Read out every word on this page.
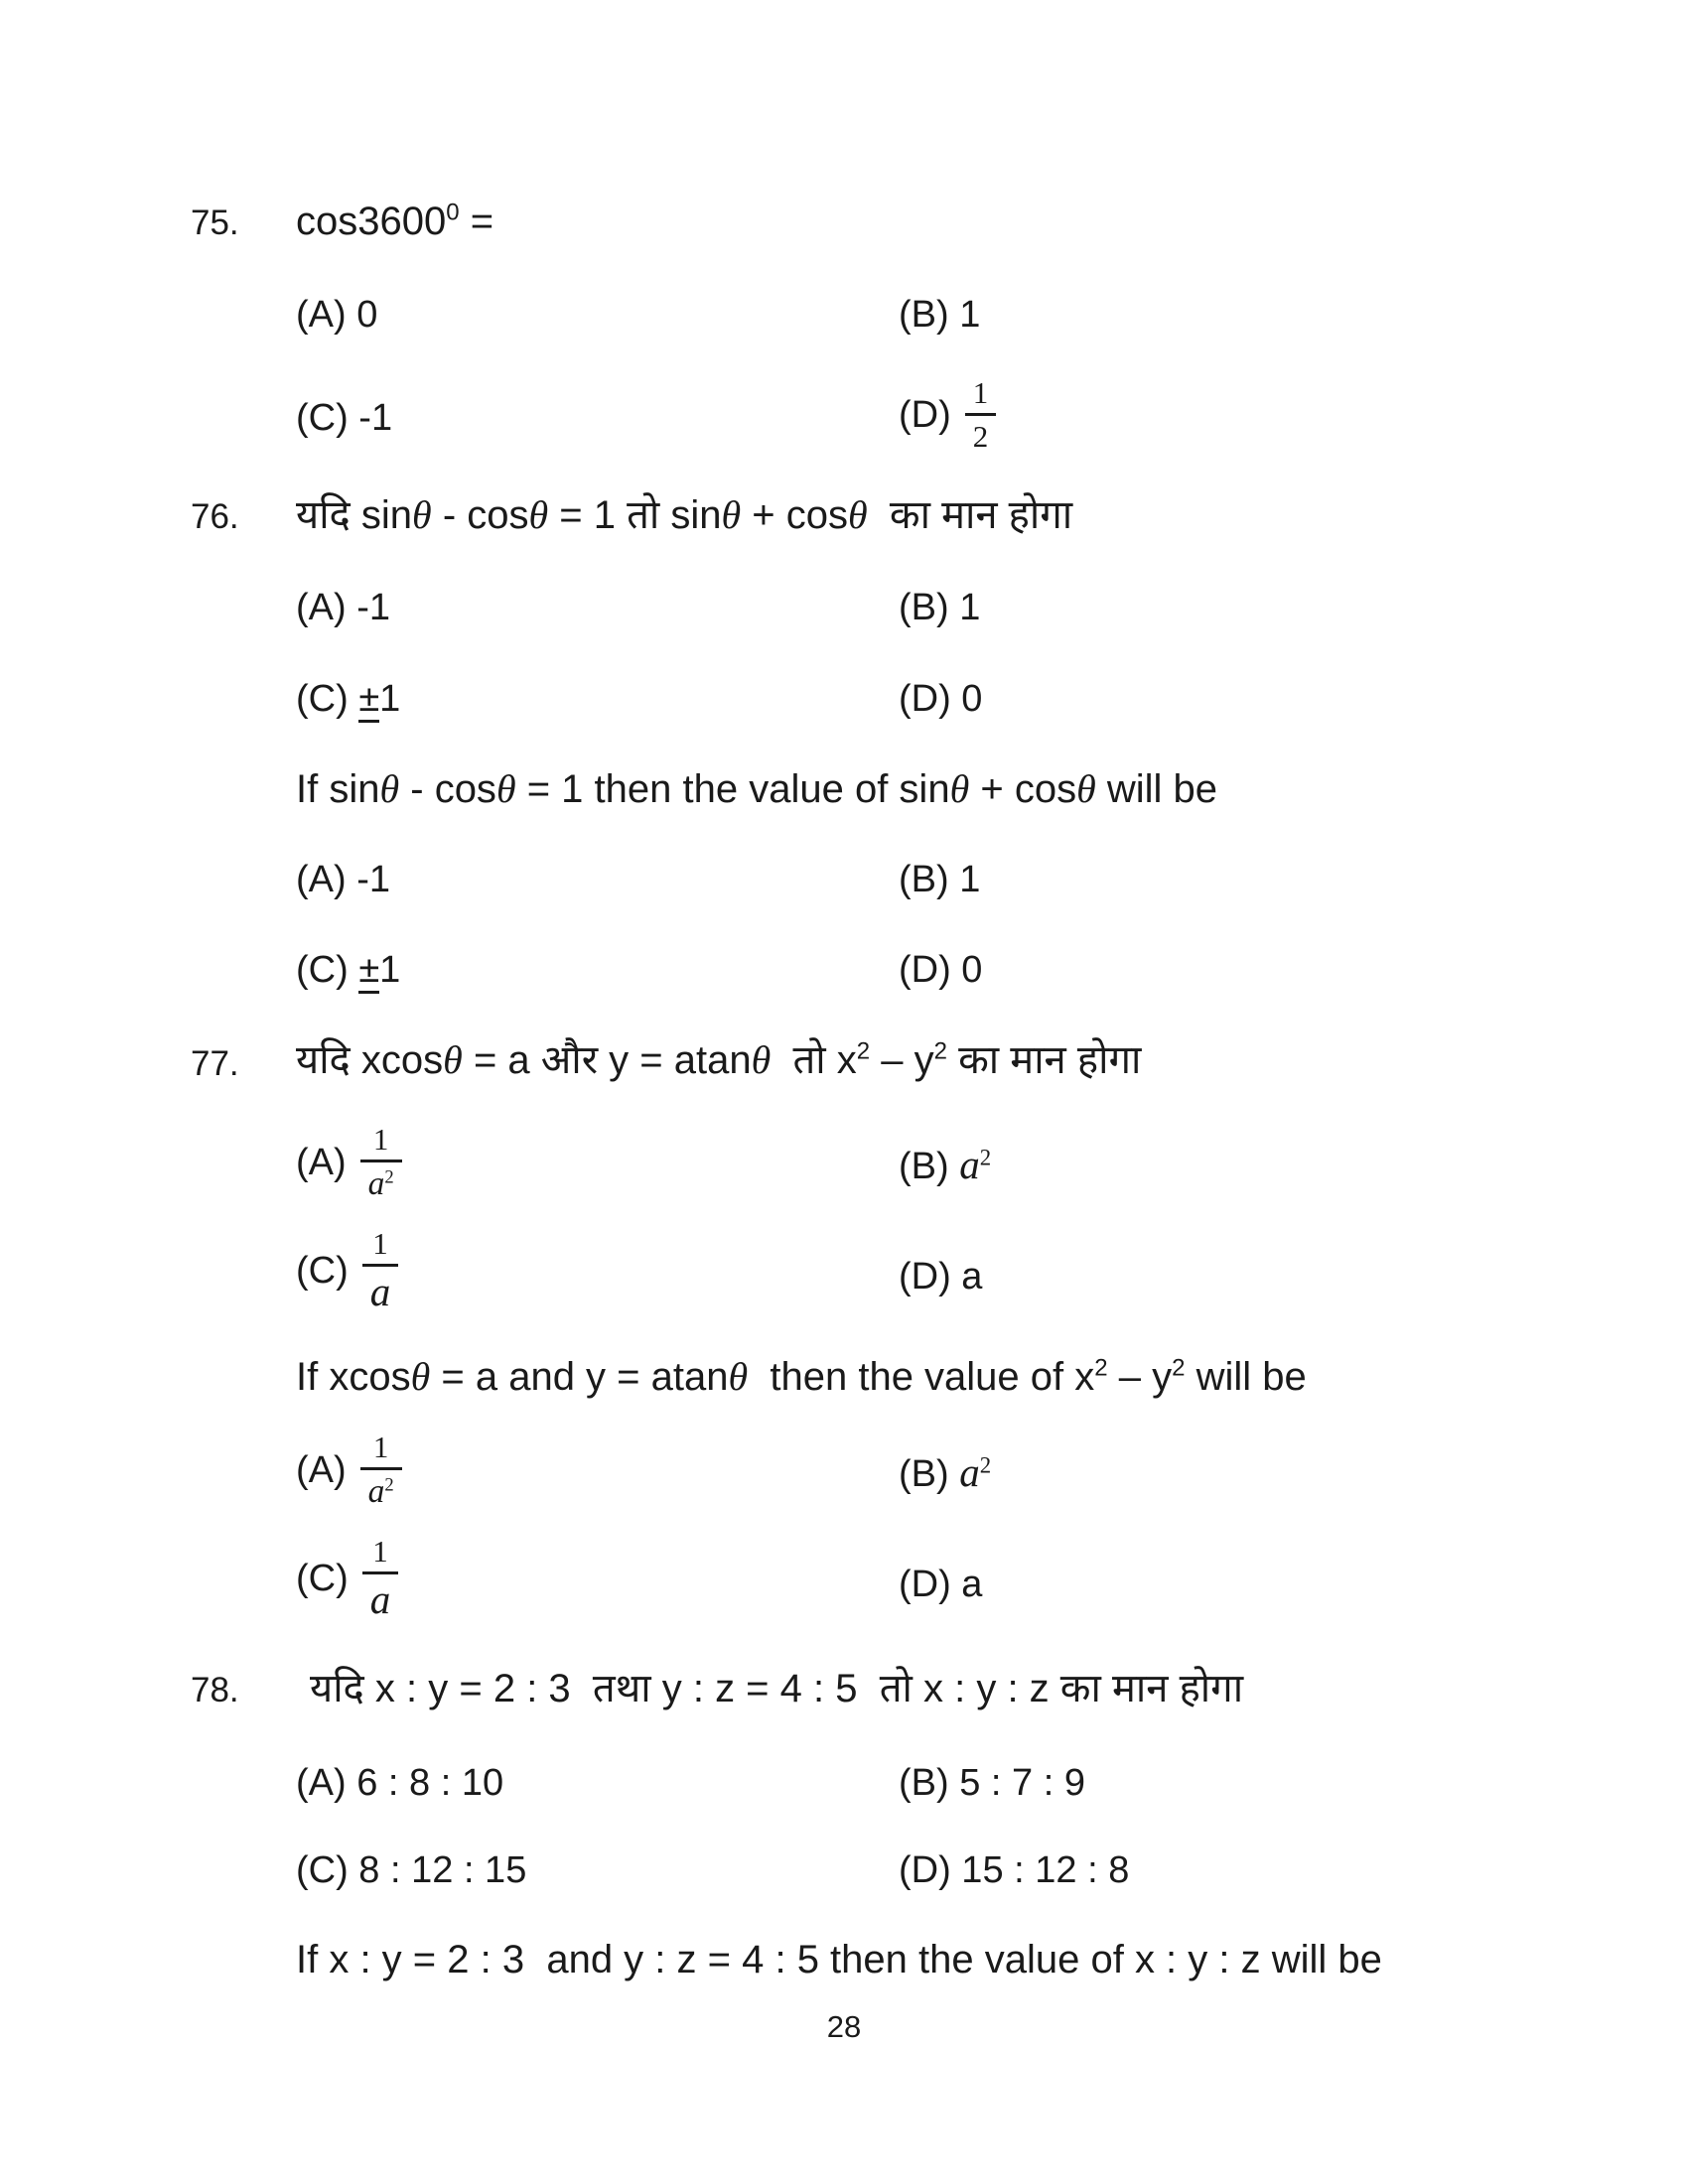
75. $\cos 3600^0$ =
(A) 0	(B) 1
(C) -1	$(D) \frac{1}{2}$
76. यदि sinθ - cosθ = 1 तो sinθ + cosθ  का मान होगा
(A) -1	(B) 1
(C) ±1	(D) 0
If sinθ - cosθ = 1 then the value of sinθ + cosθ will be
(A) -1	(B) 1
(C) ±1	(D) 0
77. यदि xcosθ = a और y = atanθ  तो $x^2 - y^2$ का मान होगा
$(A) \frac{1}{a^2}$	(B) $a^2$
$(C) \frac{1}{a}$	(D) a
If xcosθ = a and y = atanθ  then the value of $x^2 - y^2$ will be
$(A) \frac{1}{a^2}$	(B) $a^2$
$(C) \frac{1}{a}$	(D) a
78. यदि x : y = 2 : 3  तथा y : z = 4 : 5  तो x : y : z का मान होगा
(A) 6 : 8 : 10	(B) 5 : 7 : 9
(C) 8 : 12 : 15	(D) 15 : 12 : 8
If x : y = 2 : 3  and y : z = 4 : 5 then the value of x : y : z will be
28
